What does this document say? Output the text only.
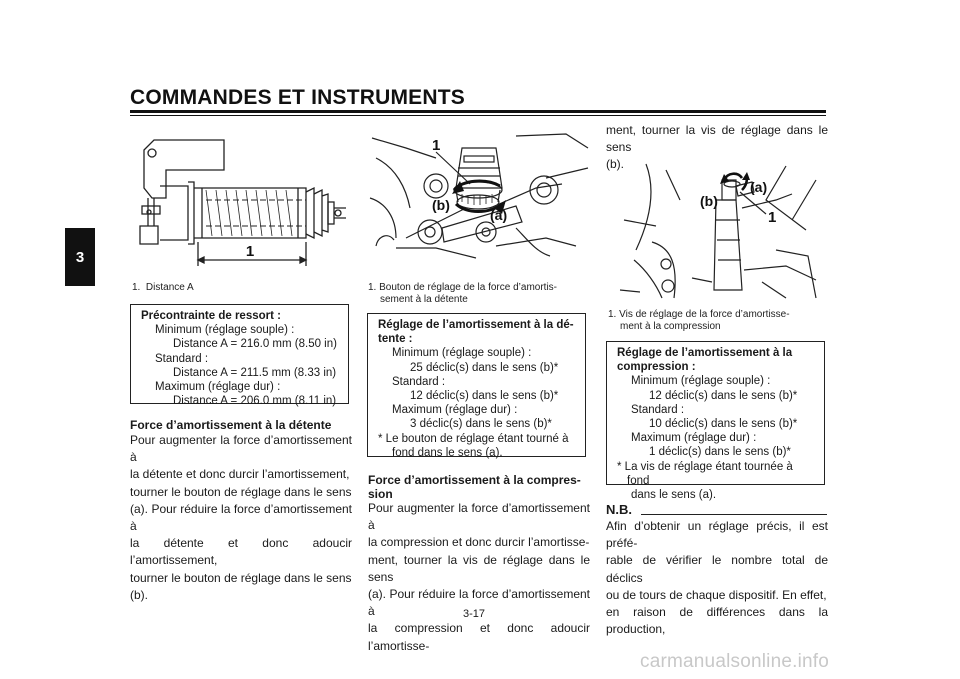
COMMANDES ET INSTRUMENTS
3	1
1. Distance A
Précontrainte de ressort :
Minimum (réglage souple) :
Distance A = 216.0 mm (8.50 in)
Standard :
Distance A = 211.5 mm (8.33 in)
Maximum (réglage dur) :
Distance A = 206.0 mm (8.11 in)
Force d’amortissement à la détente
Pour augmenter la force d’amortissement à
la détente et donc durcir l’amortissement,
tourner le bouton de réglage dans le sens
(a). Pour réduire la force d’amortissement à
la détente et donc adoucir l’amortissement,
tourner le bouton de réglage dans le sens
(b).
1
(b)
(a)
1. Bouton de réglage de la force d’amortis-
sement à la détente
Réglage de l’amortissement à la dé-
tente :
Minimum (réglage souple) :
25 déclic(s) dans le sens (b)*
Standard :
12 déclic(s) dans le sens (b)*
Maximum (réglage dur) :
3 déclic(s) dans le sens (b)*
* Le bouton de réglage étant tourné à
fond dans le sens (a).
Force d’amortissement à la compres-
sion
Pour augmenter la force d’amortissement à
la compression et donc durcir l’amortisse-
ment, tourner la vis de réglage dans le sens
(a). Pour réduire la force d’amortissement à
la compression et donc adoucir l’amortisse-
ment, tourner la vis de réglage dans le sens
(b).
(a)
(b)
1
1. Vis de réglage de la force d’amortisse-
ment à la compression
Réglage de l’amortissement à la
compression :
Minimum (réglage souple) :
12 déclic(s) dans le sens (b)*
Standard :
10 déclic(s) dans le sens (b)*
Maximum (réglage dur) :
1 déclic(s) dans le sens (b)*
* La vis de réglage étant tournée à fond
dans le sens (a).
N.B.
Afin d’obtenir un réglage précis, il est préfé-
rable de vérifier le nombre total de déclics
ou de tours de chaque dispositif. En effet,
en raison de différences dans la production,
3-17
carmanualsonline.info
